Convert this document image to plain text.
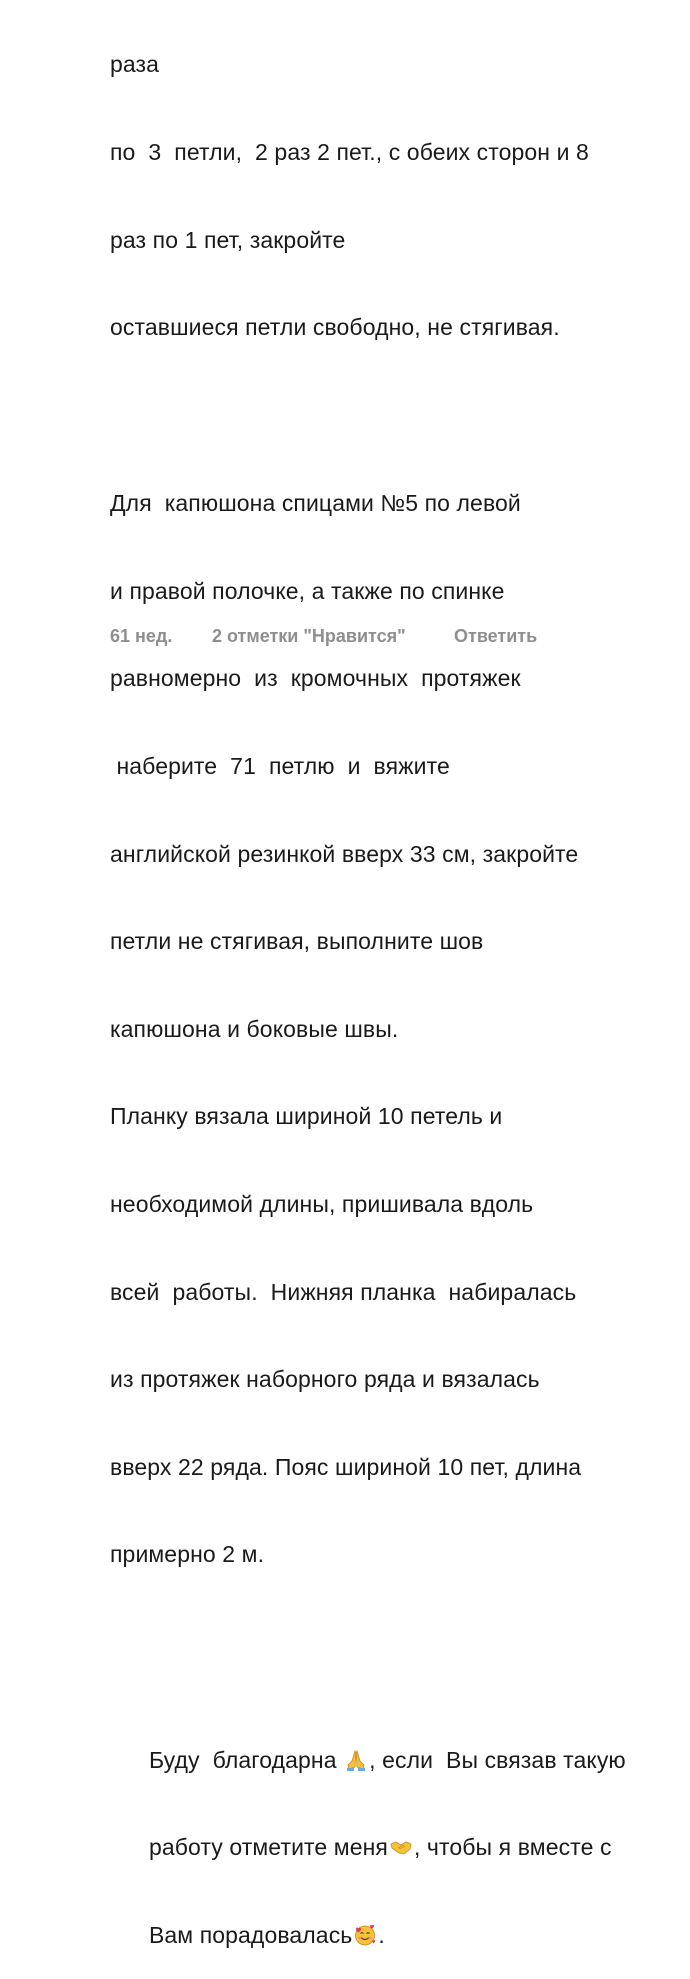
раза

по  3  петли,  2 раз 2 пет., с обеих сторон и 8

раз по 1 пет, закройте

оставшиеся петли свободно, не стягивая.

Для  капюшона спицами №5 по левой

и правой полочке, а также по спинке

равномерно  из  кромочных  протяжек

наберите  71  петлю  и  вяжите

английской резинкой вверх 33 см, закройте

петли не стягивая, выполните шов

капюшона и боковые швы.

Планку вязала шириной 10 петель и

необходимой длины, пришивала вдоль

всей  работы.  Нижняя планка  набиралась

из протяжек наборного ряда и вязалась

вверх 22 ряда. Пояс шириной 10 пет, длина

примерно 2 м.

Буду  благодарна , если  Вы связав такую

работу отметите меня , чтобы я вместе с

Вам порадовалась .

61 нед.	2 отметки "Нравится"	Ответить
